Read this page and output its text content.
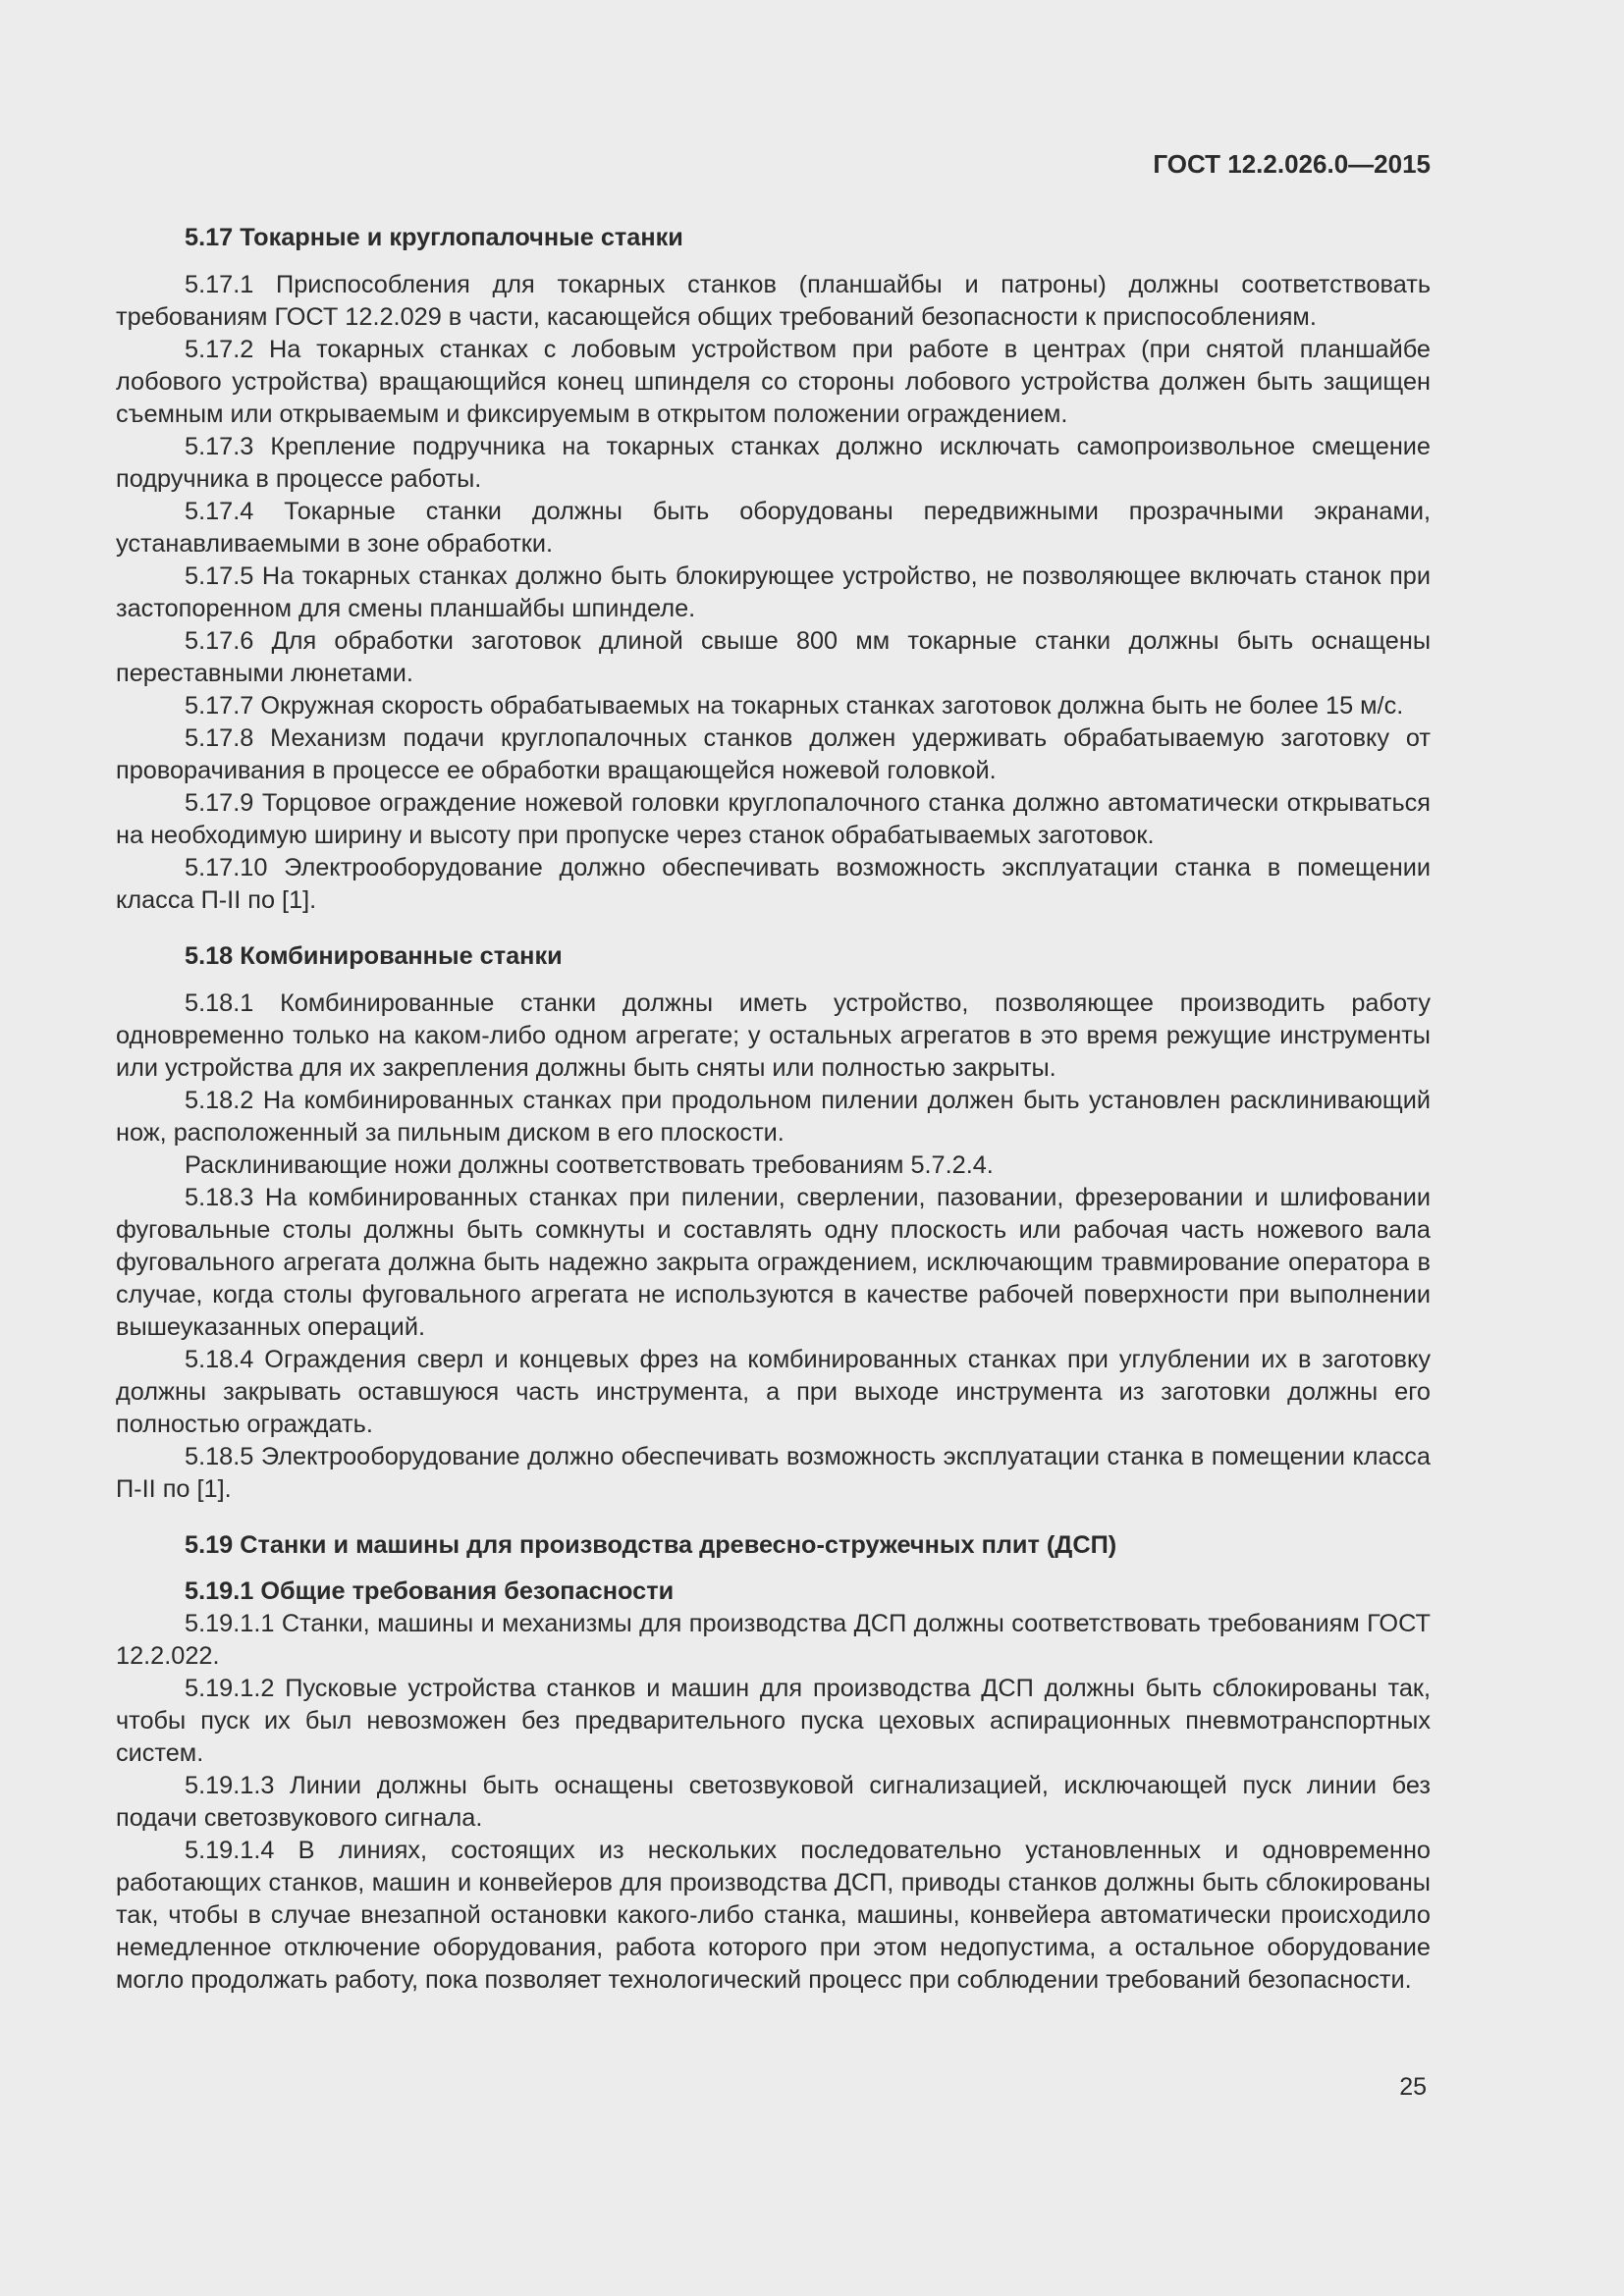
ГОСТ 12.2.026.0—2015
5.17 Токарные и круглопалочные станки

5.17.1 Приспособления для токарных станков (планшайбы и патроны) должны соответствовать требованиям ГОСТ 12.2.029 в части, касающейся общих требований безопасности к приспособлениям.

5.17.2 На токарных станках с лобовым устройством при работе в центрах (при снятой планшайбе лобового устройства) вращающийся конец шпинделя со стороны лобового устройства должен быть защищен съемным или открываемым и фиксируемым в открытом положении ограждением.

5.17.3 Крепление подручника на токарных станках должно исключать самопроизвольное смещение подручника в процессе работы.

5.17.4 Токарные станки должны быть оборудованы передвижными прозрачными экранами, устанавливаемыми в зоне обработки.

5.17.5 На токарных станках должно быть блокирующее устройство, не позволяющее включать станок при застопоренном для смены планшайбы шпинделе.

5.17.6 Для обработки заготовок длиной свыше 800 мм токарные станки должны быть оснащены переставными люнетами.

5.17.7 Окружная скорость обрабатываемых на токарных станках заготовок должна быть не более 15 м/с.

5.17.8 Механизм подачи круглопалочных станков должен удерживать обрабатываемую заготовку от проворачивания в процессе ее обработки вращающейся ножевой головкой.

5.17.9 Торцовое ограждение ножевой головки круглопалочного станка должно автоматически открываться на необходимую ширину и высоту при пропуске через станок обрабатываемых заготовок.

5.17.10 Электрооборудование должно обеспечивать возможность эксплуатации станка в помещении класса П-II по [1].

5.18 Комбинированные станки

5.18.1 Комбинированные станки должны иметь устройство, позволяющее производить работу одновременно только на каком-либо одном агрегате; у остальных агрегатов в это время режущие инструменты или устройства для их закрепления должны быть сняты или полностью закрыты.

5.18.2 На комбинированных станках при продольном пилении должен быть установлен расклинивающий нож, расположенный за пильным диском в его плоскости.

Расклинивающие ножи должны соответствовать требованиям 5.7.2.4.

5.18.3 На комбинированных станках при пилении, сверлении, пазовании, фрезеровании и шлифовании фуговальные столы должны быть сомкнуты и составлять одну плоскость или рабочая часть ножевого вала фуговального агрегата должна быть надежно закрыта ограждением, исключающим травмирование оператора в случае, когда столы фуговального агрегата не используются в качестве рабочей поверхности при выполнении вышеуказанных операций.

5.18.4 Ограждения сверл и концевых фрез на комбинированных станках при углублении их в заготовку должны закрывать оставшуюся часть инструмента, а при выходе инструмента из заготовки должны его полностью ограждать.

5.18.5 Электрооборудование должно обеспечивать возможность эксплуатации станка в помещении класса П-II по [1].

5.19 Станки и машины для производства древесно-стружечных плит (ДСП)
5.19.1 Общие требования безопасности

5.19.1.1 Станки, машины и механизмы для производства ДСП должны соответствовать требованиям ГОСТ 12.2.022.

5.19.1.2 Пусковые устройства станков и машин для производства ДСП должны быть сблокированы так, чтобы пуск их был невозможен без предварительного пуска цеховых аспирационных пневмотранспортных систем.

5.19.1.3 Линии должны быть оснащены светозвуковой сигнализацией, исключающей пуск линии без подачи светозвукового сигнала.

5.19.1.4 В линиях, состоящих из нескольких последовательно установленных и одновременно работающих станков, машин и конвейеров для производства ДСП, приводы станков должны быть сблокированы так, чтобы в случае внезапной остановки какого-либо станка, машины, конвейера автоматически происходило немедленное отключение оборудования, работа которого при этом недопустима, а остальное оборудование могло продолжать работу, пока позволяет технологический процесс при соблюдении требований безопасности.

25
